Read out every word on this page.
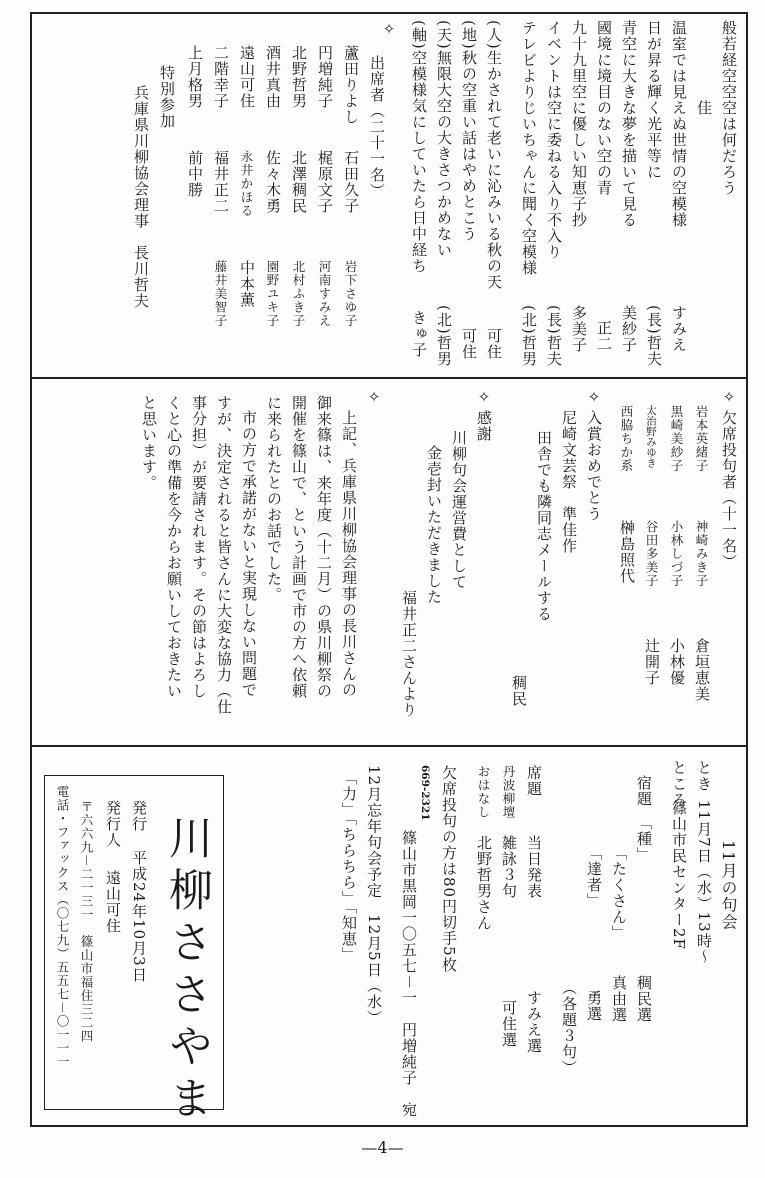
般若経空空空は何だろう
佳
温室では見えぬ世情の空模様
すみえ
日が昇る輝く光平等に
(長)哲夫
青空に大きな夢を描いて見る
美紗子
國境に境目のない空の青
正二
九十九里空に優しい知恵子抄
多美子
イベントは空に委ねる入り不入り
(長)哲夫
テレビよりじいちゃんに聞く空模様
(北)哲男
(人)生かされて老いに沁みいる秋の天
可住
(地)秋の空重い話はやめとこう
可住
(天)無限大空の大きさつかめない
(北)哲男
(軸)空模様気にしていたら日中経ち
きゅ子
✧
出席者（二十一名）
蘆田りよし
石田久子
岩下さゆ子
円増純子
梶原文子
河南すみえ
北野哲男
北澤稠民
北村ふき子
酒井真由
佐々木勇
園野ユキ子
遠山可住
永井かほる
中本薫
二階幸子
福井正二
藤井美智子
上月格男
前中勝
特別参加
兵庫県川柳協会理事　長川哲夫
✧
欠席投句者（十一名）
岩本英緒子
神崎みき子
倉垣恵美
黒崎美紗子
小林しづ子
小林優
太治野みゆき
谷田多美子
辻開子
西脇ちか系
榊島照代
✧
入賞おめでとう
尼崎文芸祭　準佳作
田舎でも隣同志メールする
稠民
✧
感謝
川柳句会運営費として
金壱封いただきました
福井正二さんより
✧
上記、兵庫県川柳協会理事の長川さんの
御来篠は、来年度（十二月）の県川柳祭の
開催を篠山で、という計画で市の方へ依頼
に来られたとのお話でした。
市の方で承諾がないと実現しない問題で
すが、決定されると皆さんに大変な協力（仕
事分担）が要請されます。その節はよろし
くと心の準備を今からお願いしておきたい
と思います。
11月の句会
とき
11月7日（水）13時～
ところ
篠山市民センター2F
宿題
「種」
稠民選
「たくさん」
真由選
「達者」
勇選
（各題３句）
席題
当日発表
すみえ選
丹波柳壇
雑詠３句
可住選
おはなし
北野哲男さん
欠席投句の方は80円切手5枚
669-2321
篠山市黒岡一〇五七－一　円増純子　宛
12月忘年句会予定　12月5日（水）
「力」「ちらちら」「知恵」
川柳ささやま
発行
平成24年10月3日
発行人
遠山可住
〒六六九－二一三一　篠山市福住三二四
電話・ファックス（〇七九）五五七－〇一一一
—4—
